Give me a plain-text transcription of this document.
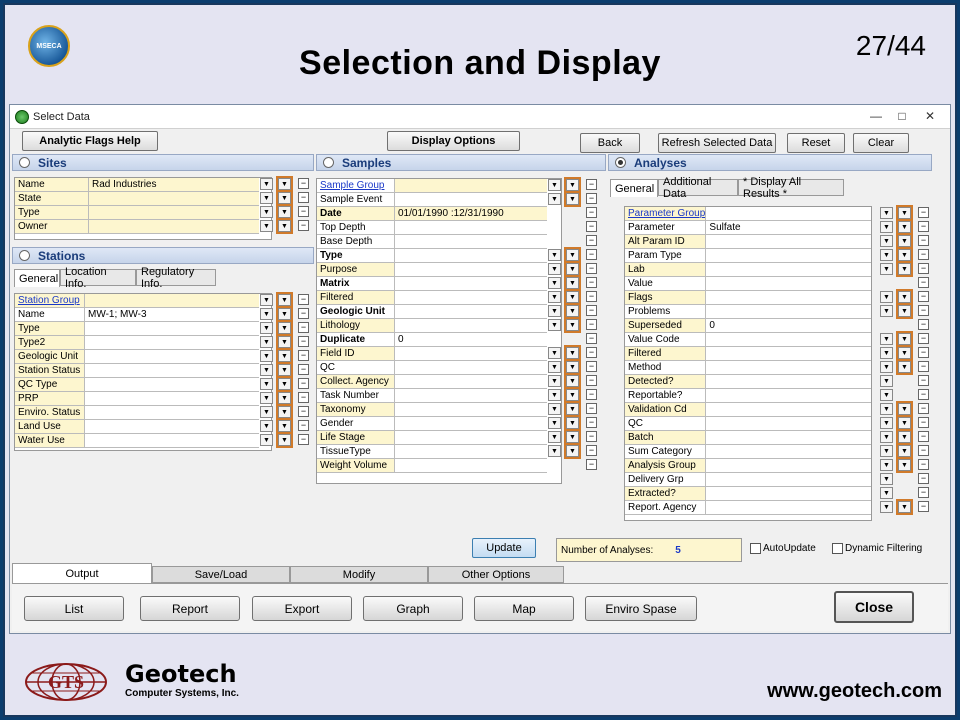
MSECA	Selection and Display	27/44
Select Data	—	□	✕
Analytic Flags Help	Display Options	Back	Refresh Selected Data	Reset	Clear
Sites
Name	Rad Industries
State
Type
Owner
Stations
Station Group
Name	MW-1; MW-3
Type
Type2
Geologic Unit
Station Status
QC Type
PRP
Enviro. Status
Land Use
Water Use
Samples
Sample Group
Sample Event
Date	01/01/1990 :12/31/1990
Top Depth
Base Depth
Type
Purpose
Matrix
Filtered
Geologic Unit
Lithology
Duplicate	0
Field ID
QC
Collect. Agency
Task Number
Taxonomy
Gender
Life Stage
TissueType
Weight Volume
Analyses
Parameter Group
Parameter	Sulfate
Alt Param ID
Param Type
Lab
Value
Flags
Problems
Superseded	0
Value Code
Filtered
Method
Detected?
Reportable?
Validation Cd
QC
Batch
Sum Category
Analysis Group
Delivery Grp
Extracted?
Report. Agency
Update	Number of Analyses: 5	AutoUpdate	Dynamic Filtering
Close
▼	▼	−
▼	▼	−
▼	▼	−
▼	▼	−
▼	▼	−
▼	▼	−
▼	▼	−
▼	▼	−
▼	▼	−
▼	▼	−
▼	▼	−
▼	▼	−
▼	▼	−
▼	▼	−
▼	▼	−
▼	▼	−
▼	▼	−
−
−
−
▼	▼	−
▼	▼	−
▼	▼	−
▼	▼	−
▼	▼	−
▼	▼	−
−
▼	▼	−
▼	▼	−
▼	▼	−
▼	▼	−
▼	▼	−
▼	▼	−
▼	▼	−
▼	▼	−
−
▼	▼	−
▼	▼	−
▼	▼	−
▼	▼	−
▼	▼	−
−
▼	▼	−
▼	▼	−
−
▼	▼	−
▼	▼	−
▼	▼	−
▼	−
▼	−
▼	▼	−
▼	▼	−
▼	▼	−
▼	▼	−
▼	▼	−
▼	−
▼	−
▼	▼	−
General
Location Info.
Regulatory Info.
General
Additional Data
* Display All Results *
Output	Save/Load	Modify	Other Options
List	Report	Export	Graph	Map	Enviro Spase
GTS Geotech
Computer Systems, Inc.	www.geotech.com
